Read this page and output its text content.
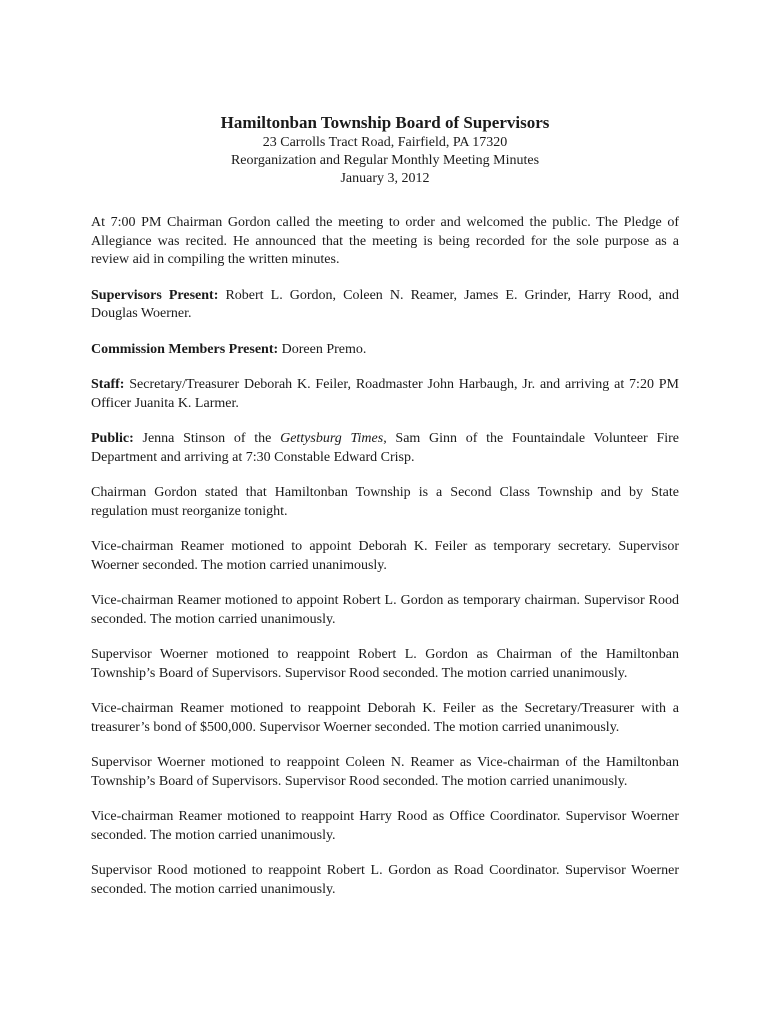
Hamiltonban Township Board of Supervisors

23 Carrolls Tract Road, Fairfield, PA 17320

Reorganization and Regular Monthly Meeting Minutes

January 3, 2012

At 7:00 PM Chairman Gordon called the meeting to order and welcomed the public. The Pledge of Allegiance was recited. He announced that the meeting is being recorded for the sole purpose as a review aid in compiling the written minutes.

Supervisors Present: Robert L. Gordon, Coleen N. Reamer, James E. Grinder, Harry Rood, and Douglas Woerner.

Commission Members Present: Doreen Premo.

Staff: Secretary/Treasurer Deborah K. Feiler, Roadmaster John Harbaugh, Jr. and arriving at 7:20 PM Officer Juanita K. Larmer.

Public: Jenna Stinson of the Gettysburg Times, Sam Ginn of the Fountaindale Volunteer Fire Department and arriving at 7:30 Constable Edward Crisp.

Chairman Gordon stated that Hamiltonban Township is a Second Class Township and by State regulation must reorganize tonight.

Vice-chairman Reamer motioned to appoint Deborah K. Feiler as temporary secretary. Supervisor Woerner seconded. The motion carried unanimously.

Vice-chairman Reamer motioned to appoint Robert L. Gordon as temporary chairman. Supervisor Rood seconded. The motion carried unanimously.

Supervisor Woerner motioned to reappoint Robert L. Gordon as Chairman of the Hamiltonban Township’s Board of Supervisors. Supervisor Rood seconded. The motion carried unanimously.

Vice-chairman Reamer motioned to reappoint Deborah K. Feiler as the Secretary/Treasurer with a treasurer’s bond of $500,000. Supervisor Woerner seconded. The motion carried unanimously.

Supervisor Woerner motioned to reappoint Coleen N. Reamer as Vice-chairman of the Hamiltonban Township’s Board of Supervisors. Supervisor Rood seconded. The motion carried unanimously.

Vice-chairman Reamer motioned to reappoint Harry Rood as Office Coordinator. Supervisor Woerner seconded. The motion carried unanimously.

Supervisor Rood motioned to reappoint Robert L. Gordon as Road Coordinator. Supervisor Woerner seconded. The motion carried unanimously.
